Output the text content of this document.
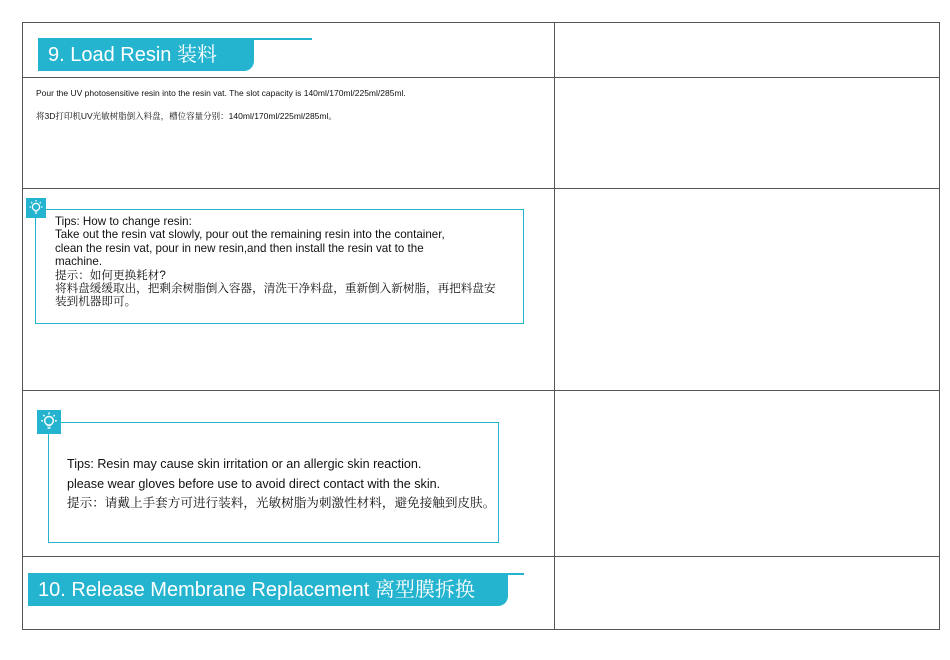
9. Load Resin 装料
Pour the UV photosensitive resin into the resin vat. The slot capacity is 140ml/170ml/225ml/285ml.
将3D打印机UV光敏树脂倒入料盘，槽位容量分别：140ml/170ml/225ml/285ml。
Tips: How to change resin:
Take out the resin vat slowly, pour out the remaining resin into the container,
clean the resin vat, pour in new resin,and then install the resin vat to the
machine.
提示：如何更换耗材?
将料盘缓缓取出，把剩余树脂倒入容器，清洗干净料盘，重新倒入新树脂，再把料盘安
装到机器即可。
Tips: Resin may cause skin irritation or an allergic skin reaction.
please wear gloves before use to avoid direct contact with the skin.
提示：请戴上手套方可进行装料，光敏树脂为刺激性材料，避免接触到皮肤。
10. Release Membrane Replacement 离型膜拆换
